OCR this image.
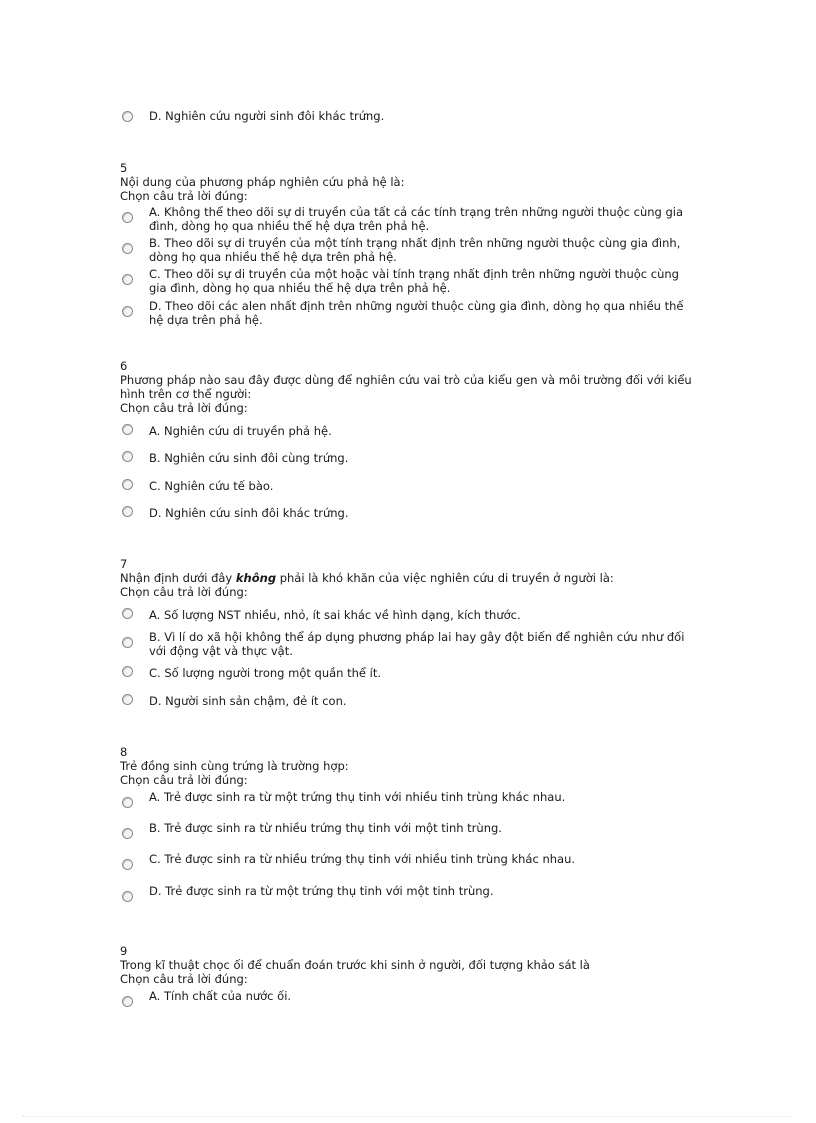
D. Nghiên cứu người sinh đôi khác trứng.
5
Nội dung của phương pháp nghiên cứu phả hệ là:
Chọn câu trả lời đúng:
A. Không thể theo dõi sự di truyền của tất cả các tính trạng trên những người thuộc cùng gia đình, dòng họ qua nhiều thế hệ dựa trên phả hệ.
B. Theo dõi sự di truyền của một tính trạng nhất định trên những người thuộc cùng gia đình, dòng họ qua nhiều thế hệ dựa trên phả hệ.
C. Theo dõi sự di truyền của một hoặc vài tính trạng nhất định trên những người thuộc cùng gia đình, dòng họ qua nhiều thế hệ dựa trên phả hệ.
D. Theo dõi các alen nhất định trên những người thuộc cùng gia đình, dòng họ qua nhiều thế hệ dựa trên phả hệ.
6
Phương pháp nào sau đây được dùng để nghiên cứu vai trò của kiểu gen và môi trường đối với kiểu
hình trên cơ thể người:
Chọn câu trả lời đúng:
A. Nghiên cứu di truyền phả hệ.
B. Nghiên cứu sinh đôi cùng trứng.
C. Nghiên cứu tế bào.
D. Nghiên cứu sinh đôi khác trứng.
7
Nhận định dưới đây không phải là khó khăn của việc nghiên cứu di truyền ở người là:
Chọn câu trả lời đúng:
A. Số lượng NST nhiều, nhỏ, ít sai khác về hình dạng, kích thước.
B. Vì lí do xã hội không thể áp dụng phương pháp lai hay gây đột biến để nghiên cứu như đối với động vật và thực vật.
C. Số lượng người trong một quần thể ít.
D. Người sinh sản chậm, đẻ ít con.
8
Trẻ đồng sinh cùng trứng là trường hợp:
Chọn câu trả lời đúng:
A. Trẻ được sinh ra từ một trứng thụ tinh với nhiều tinh trùng khác nhau.
B. Trẻ được sinh ra từ nhiều trứng thụ tinh với một tinh trùng.
C. Trẻ được sinh ra từ nhiều trứng thụ tinh với nhiều tinh trùng khác nhau.
D. Trẻ được sinh ra từ một trứng thụ tinh với một tinh trùng.
9
Trong kĩ thuật chọc ối để chuẩn đoán trước khi sinh ở người, đối tượng khảo sát là
Chọn câu trả lời đúng:
A. Tính chất của nước ối.
